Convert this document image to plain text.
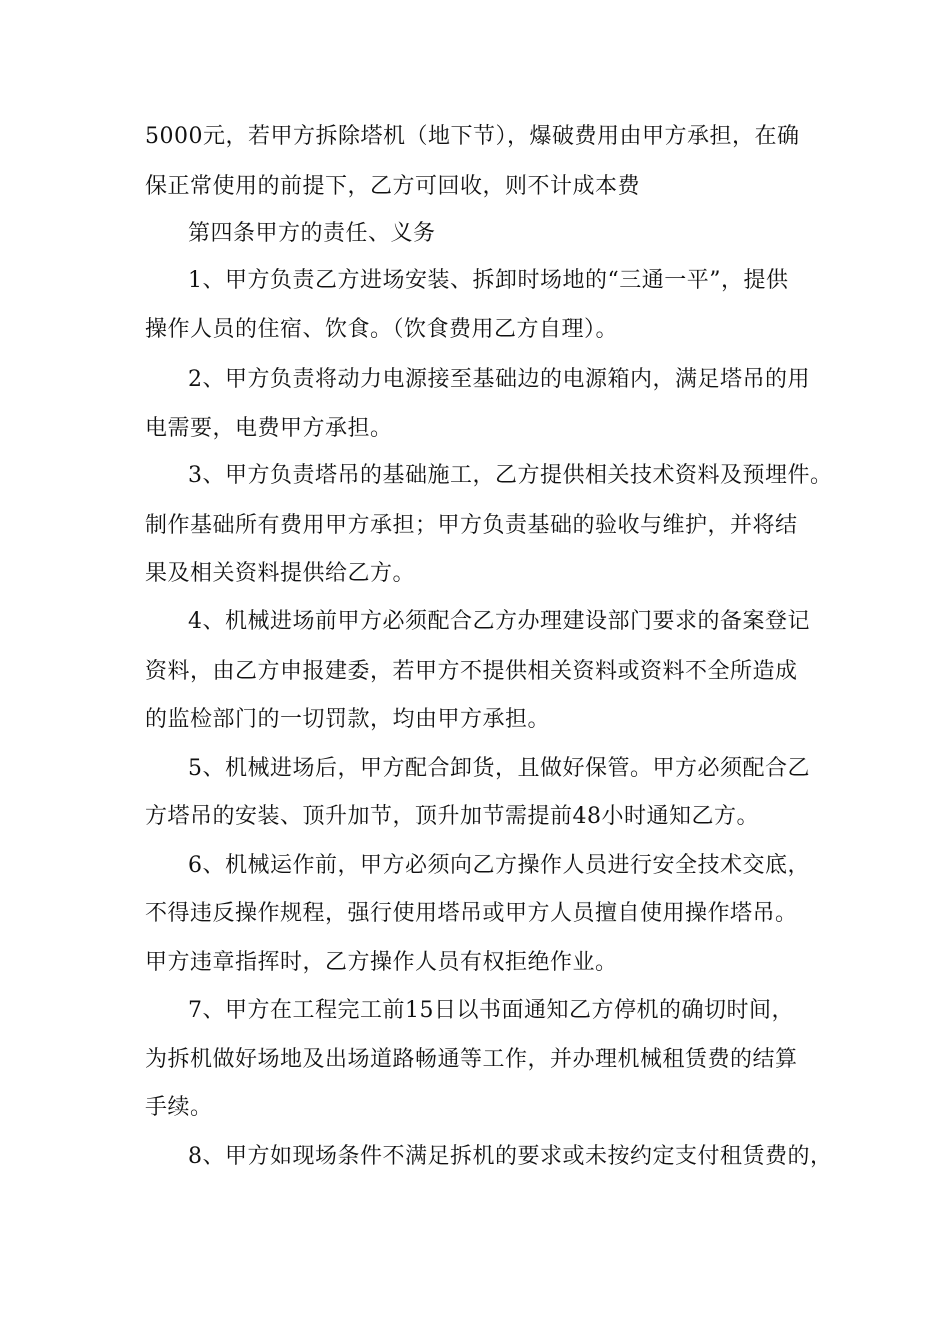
5000元，若甲方拆除塔机（地下节），爆破费用由甲方承担，在确
保正常使用的前提下，乙方可回收，则不计成本费
第四条甲方的责任、义务
1、甲方负责乙方进场安装、拆卸时场地的“三通一平”，提供
操作人员的住宿、饮食。（饮食费用乙方自理）。
2、甲方负责将动力电源接至基础边的电源箱内，满足塔吊的用
电需要，电费甲方承担。
3、甲方负责塔吊的基础施工，乙方提供相关技术资料及预埋件。
制作基础所有费用甲方承担；甲方负责基础的验收与维护，并将结
果及相关资料提供给乙方。
4、机械进场前甲方必须配合乙方办理建设部门要求的备案登记
资料，由乙方申报建委，若甲方不提供相关资料或资料不全所造成
的监检部门的一切罚款，均由甲方承担。
5、机械进场后，甲方配合卸货，且做好保管。甲方必须配合乙
方塔吊的安装、顶升加节，顶升加节需提前48小时通知乙方。
6、机械运作前，甲方必须向乙方操作人员进行安全技术交底，
不得违反操作规程，强行使用塔吊或甲方人员擅自使用操作塔吊。
甲方违章指挥时，乙方操作人员有权拒绝作业。
7、甲方在工程完工前15日以书面通知乙方停机的确切时间，
为拆机做好场地及出场道路畅通等工作，并办理机械租赁费的结算
手续。
8、甲方如现场条件不满足拆机的要求或未按约定支付租赁费的，
